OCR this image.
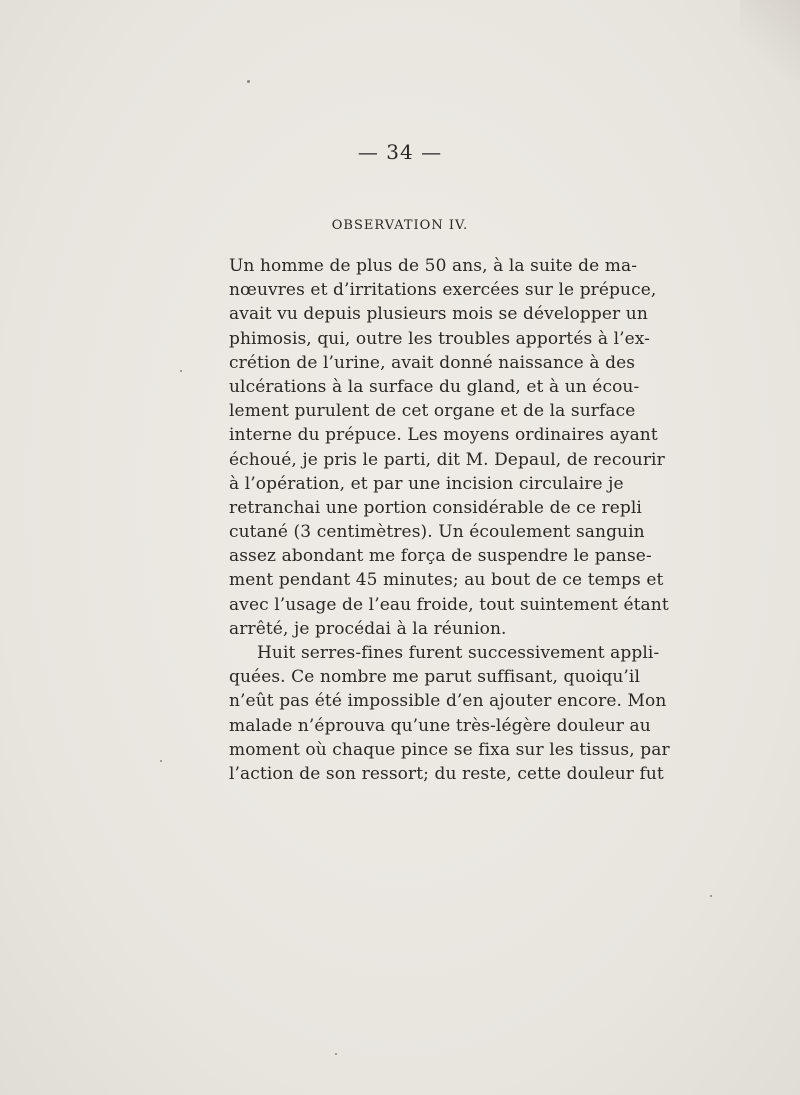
— 34 —
OBSERVATION IV.
Un homme de plus de 50 ans, à la suite de ma-
nœuvres et d’irritations exercées sur le prépuce,
avait vu depuis plusieurs mois se développer un
phimosis, qui, outre les troubles apportés à l’ex-
crétion de l’urine, avait donné naissance à des
ulcérations à la surface du gland, et à un écou-
lement purulent de cet organe et de la surface
interne du prépuce. Les moyens ordinaires ayant
échoué, je pris le parti, dit M. Depaul, de recourir
à l’opération, et par une incision circulaire je
retranchai une portion considérable de ce repli
cutané (3 centimètres). Un écoulement sanguin
assez abondant me força de suspendre le panse-
ment pendant 45 minutes; au bout de ce temps et
avec l’usage de l’eau froide, tout suintement étant
arrêté, je procédai à la réunion.
Huit serres-fines furent successivement appli-
quées. Ce nombre me parut suffisant, quoiqu’il
n’eût pas été impossible d’en ajouter encore. Mon
malade n’éprouva qu’une très-légère douleur au
moment où chaque pince se fixa sur les tissus, par
l’action de son ressort; du reste, cette douleur fut
